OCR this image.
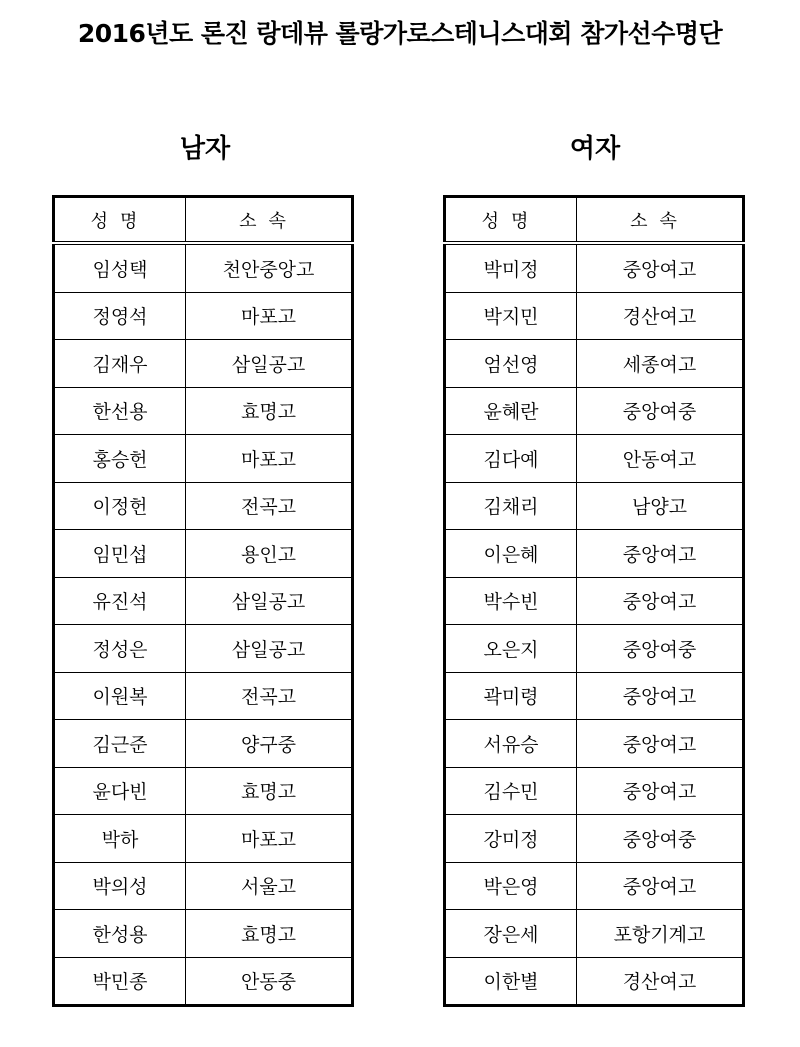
2016년도 론진 랑데뷰 롤랑가로스테니스대회 참가선수명단
남자	여자
성명	소속
임성택	천안중앙고
정영석	마포고
김재우	삼일공고
한선용	효명고
홍승헌	마포고
이정헌	전곡고
임민섭	용인고
유진석	삼일공고
정성은	삼일공고
이원복	전곡고
김근준	양구중
윤다빈	효명고
박하	마포고
박의성	서울고
한성용	효명고
박민종	안동중
성명	소속
박미정	중앙여고
박지민	경산여고
엄선영	세종여고
윤혜란	중앙여중
김다예	안동여고
김채리	남양고
이은혜	중앙여고
박수빈	중앙여고
오은지	중앙여중
곽미령	중앙여고
서유승	중앙여고
김수민	중앙여고
강미정	중앙여중
박은영	중앙여고
장은세	포항기계고
이한별	경산여고
